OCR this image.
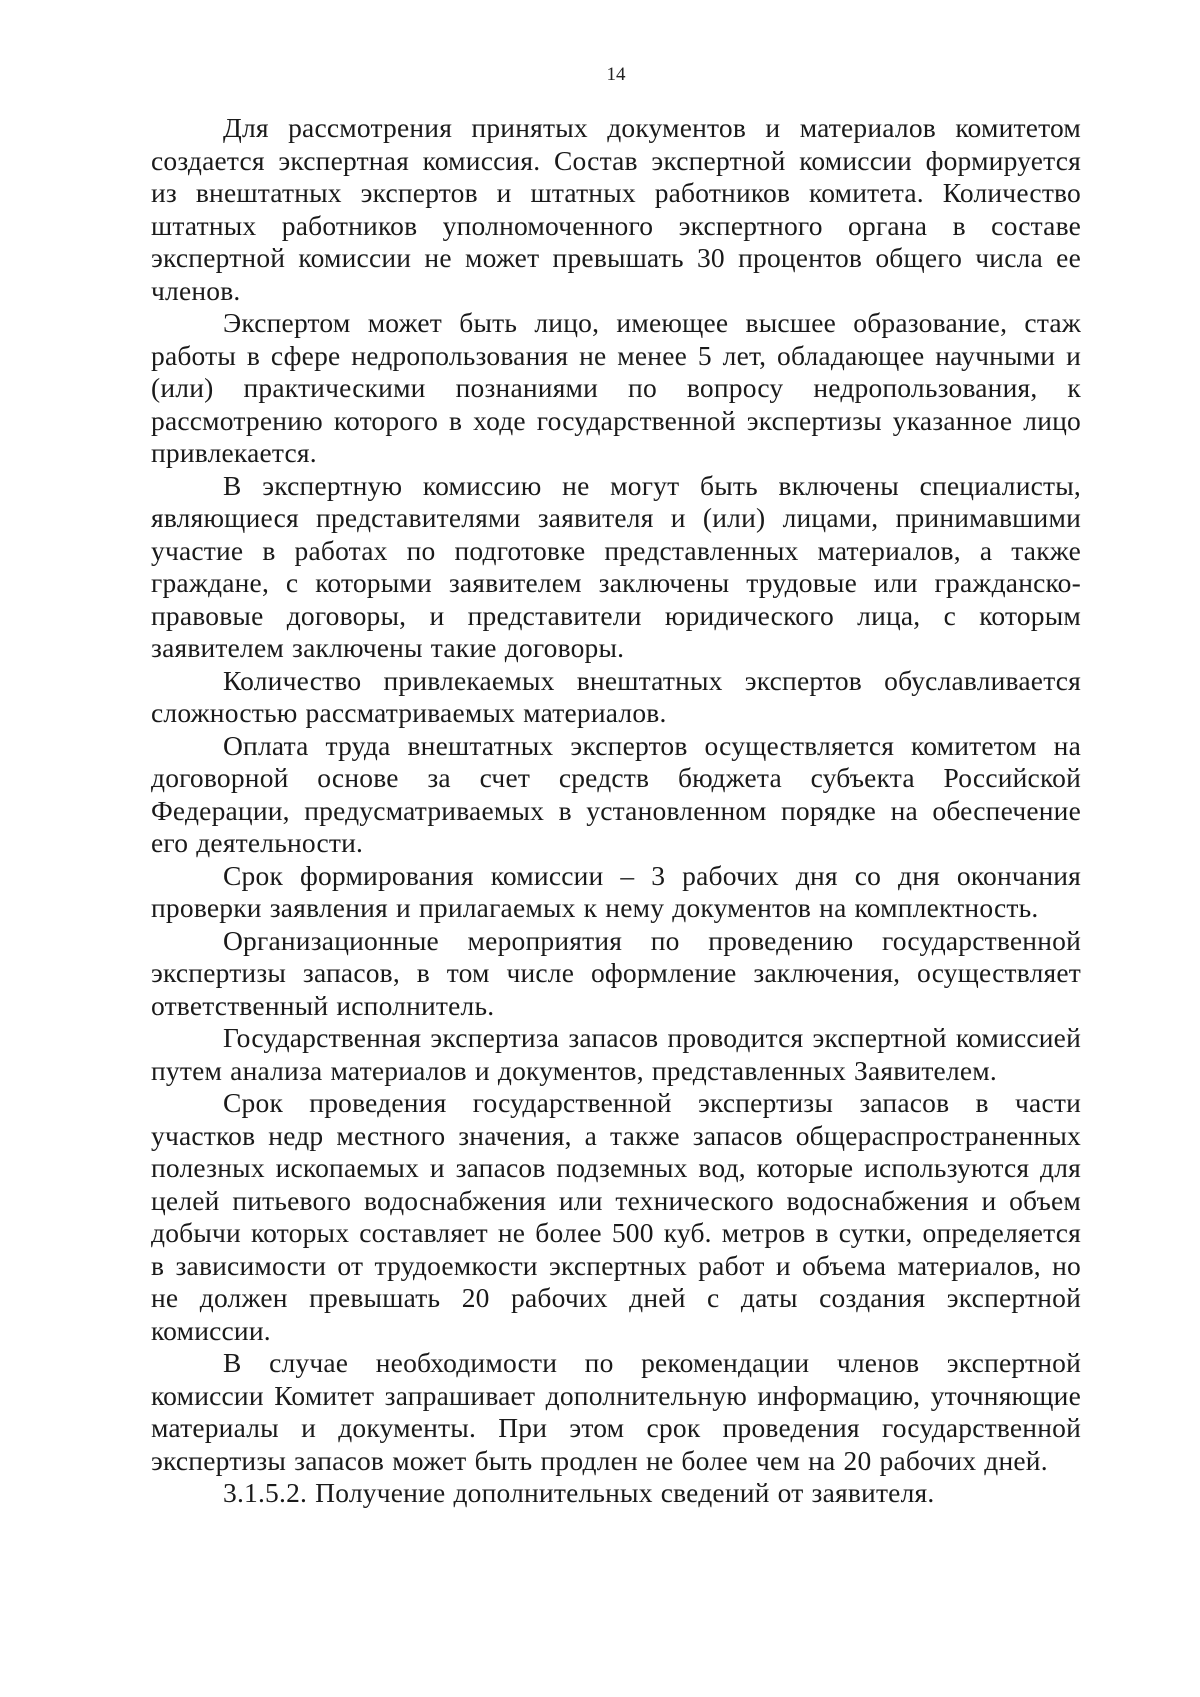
14

Для рассмотрения принятых документов и материалов комитетом создается экспертная комиссия. Состав экспертной комиссии формируется из внештатных экспертов и штатных работников комитета. Количество штатных работников уполномоченного экспертного органа в составе экспертной комиссии не может превышать 30 процентов общего числа ее членов.

Экспертом может быть лицо, имеющее высшее образование, стаж работы в сфере недропользования не менее 5 лет, обладающее научными и (или) практическими познаниями по вопросу недропользования, к рассмотрению которого в ходе государственной экспертизы указанное лицо привлекается.

В экспертную комиссию не могут быть включены специалисты, являющиеся представителями заявителя и (или) лицами, принимавшими участие в работах по подготовке представленных материалов, а также граждане, с которыми заявителем заключены трудовые или гражданско-правовые договоры, и представители юридического лица, с которым заявителем заключены такие договоры.

Количество привлекаемых внештатных экспертов обуславливается сложностью рассматриваемых материалов.

Оплата труда внештатных экспертов осуществляется комитетом на договорной основе за счет средств бюджета субъекта Российской Федерации, предусматриваемых в установленном порядке на обеспечение его деятельности.

Срок формирования комиссии – 3 рабочих дня со дня окончания проверки заявления и прилагаемых к нему документов на комплектность.

Организационные мероприятия по проведению государственной экспертизы запасов, в том числе оформление заключения, осуществляет ответственный исполнитель.

Государственная экспертиза запасов проводится экспертной комиссией путем анализа материалов и документов, представленных Заявителем.

Срок проведения государственной экспертизы запасов в части участков недр местного значения, а также запасов общераспространенных полезных ископаемых и запасов подземных вод, которые используются для целей питьевого водоснабжения или технического водоснабжения и объем добычи которых составляет не более 500 куб. метров в сутки, определяется в зависимости от трудоемкости экспертных работ и объема материалов, но не должен превышать 20 рабочих дней с даты создания экспертной комиссии.

В случае необходимости по рекомендации членов экспертной комиссии Комитет запрашивает дополнительную информацию, уточняющие материалы и документы. При этом срок проведения государственной экспертизы запасов может быть продлен не более чем на 20 рабочих дней.

3.1.5.2. Получение дополнительных сведений от заявителя.
